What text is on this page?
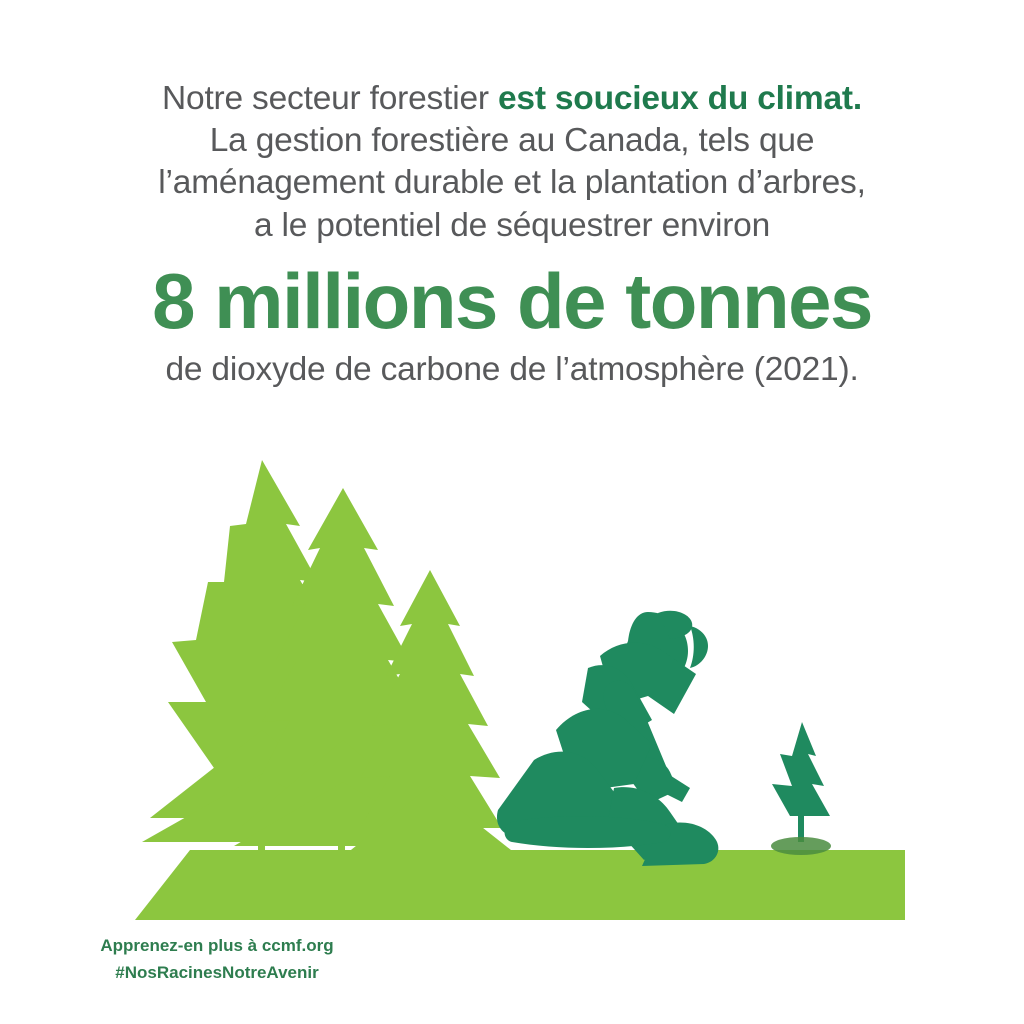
Notre secteur forestier est soucieux du climat.
La gestion forestière au Canada, tels que
l’aménagement durable et la plantation d’arbres,
a le potentiel de séquestrer environ
8 millions de tonnes
de dioxyde de carbone de l’atmosphère (2021).
Apprenez-en plus à ccmf.org
#NosRacinesNotreAvenir
